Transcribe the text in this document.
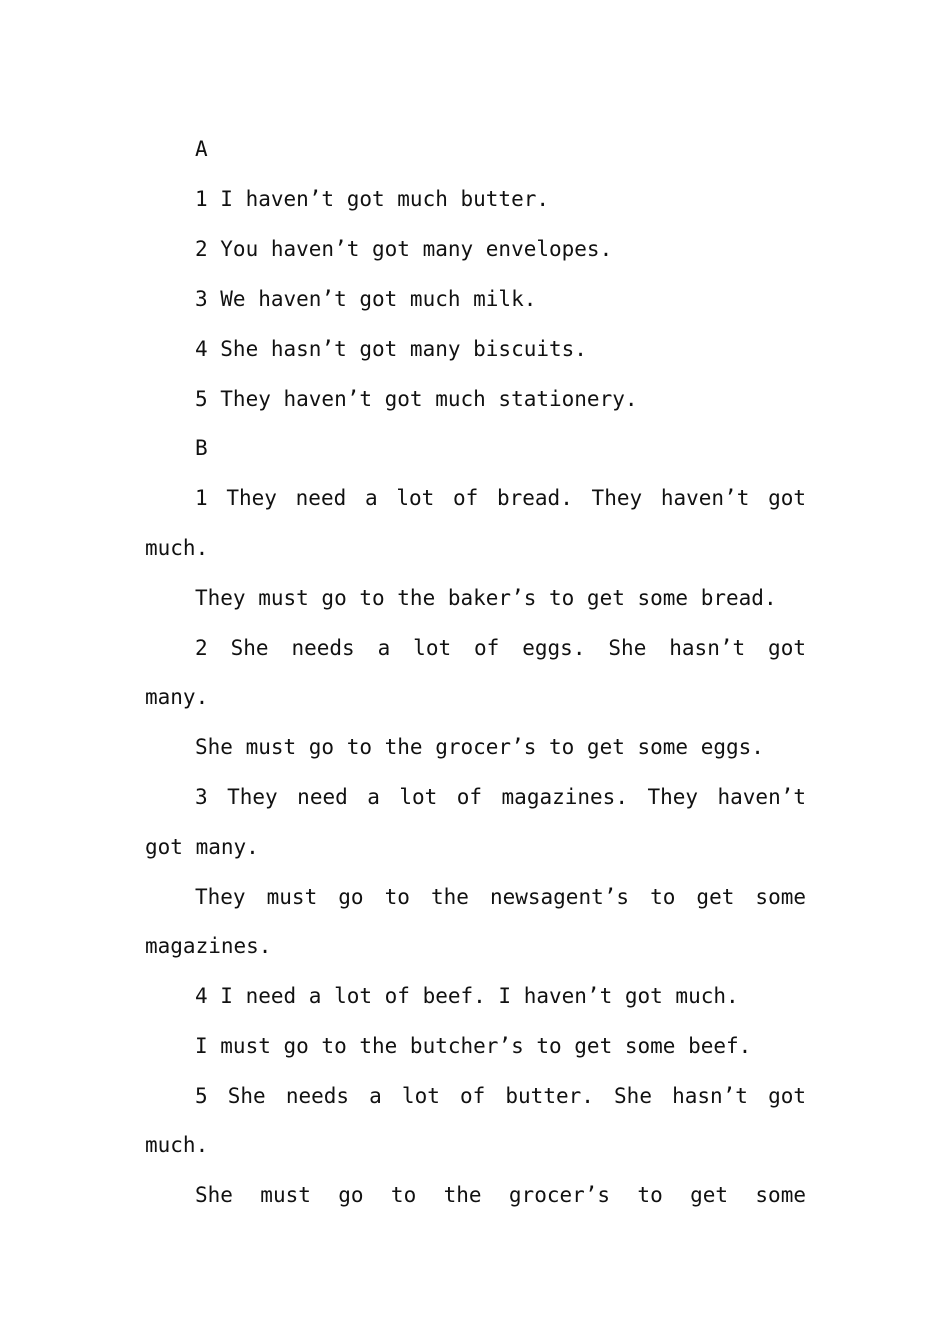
A
1 I haven’t got much butter.
2 You haven’t got many envelopes.
3 We haven’t got much milk.
4 She hasn’t got many biscuits.
5 They haven’t got much stationery.
B
1 They need a lot of bread. They haven’t got
much.
They must go to the baker’s to get some bread.
2 She needs a lot of eggs. She hasn’t got
many.
She must go to the grocer’s to get some eggs.
3 They need a lot of magazines. They haven’t
got many.
They must go to the newsagent’s to get some
magazines.
4 I need a lot of beef. I haven’t got much.
I must go to the butcher’s to get some beef.
5 She needs a lot of butter. She hasn’t got
much.
She must go to the grocer’s to get some
